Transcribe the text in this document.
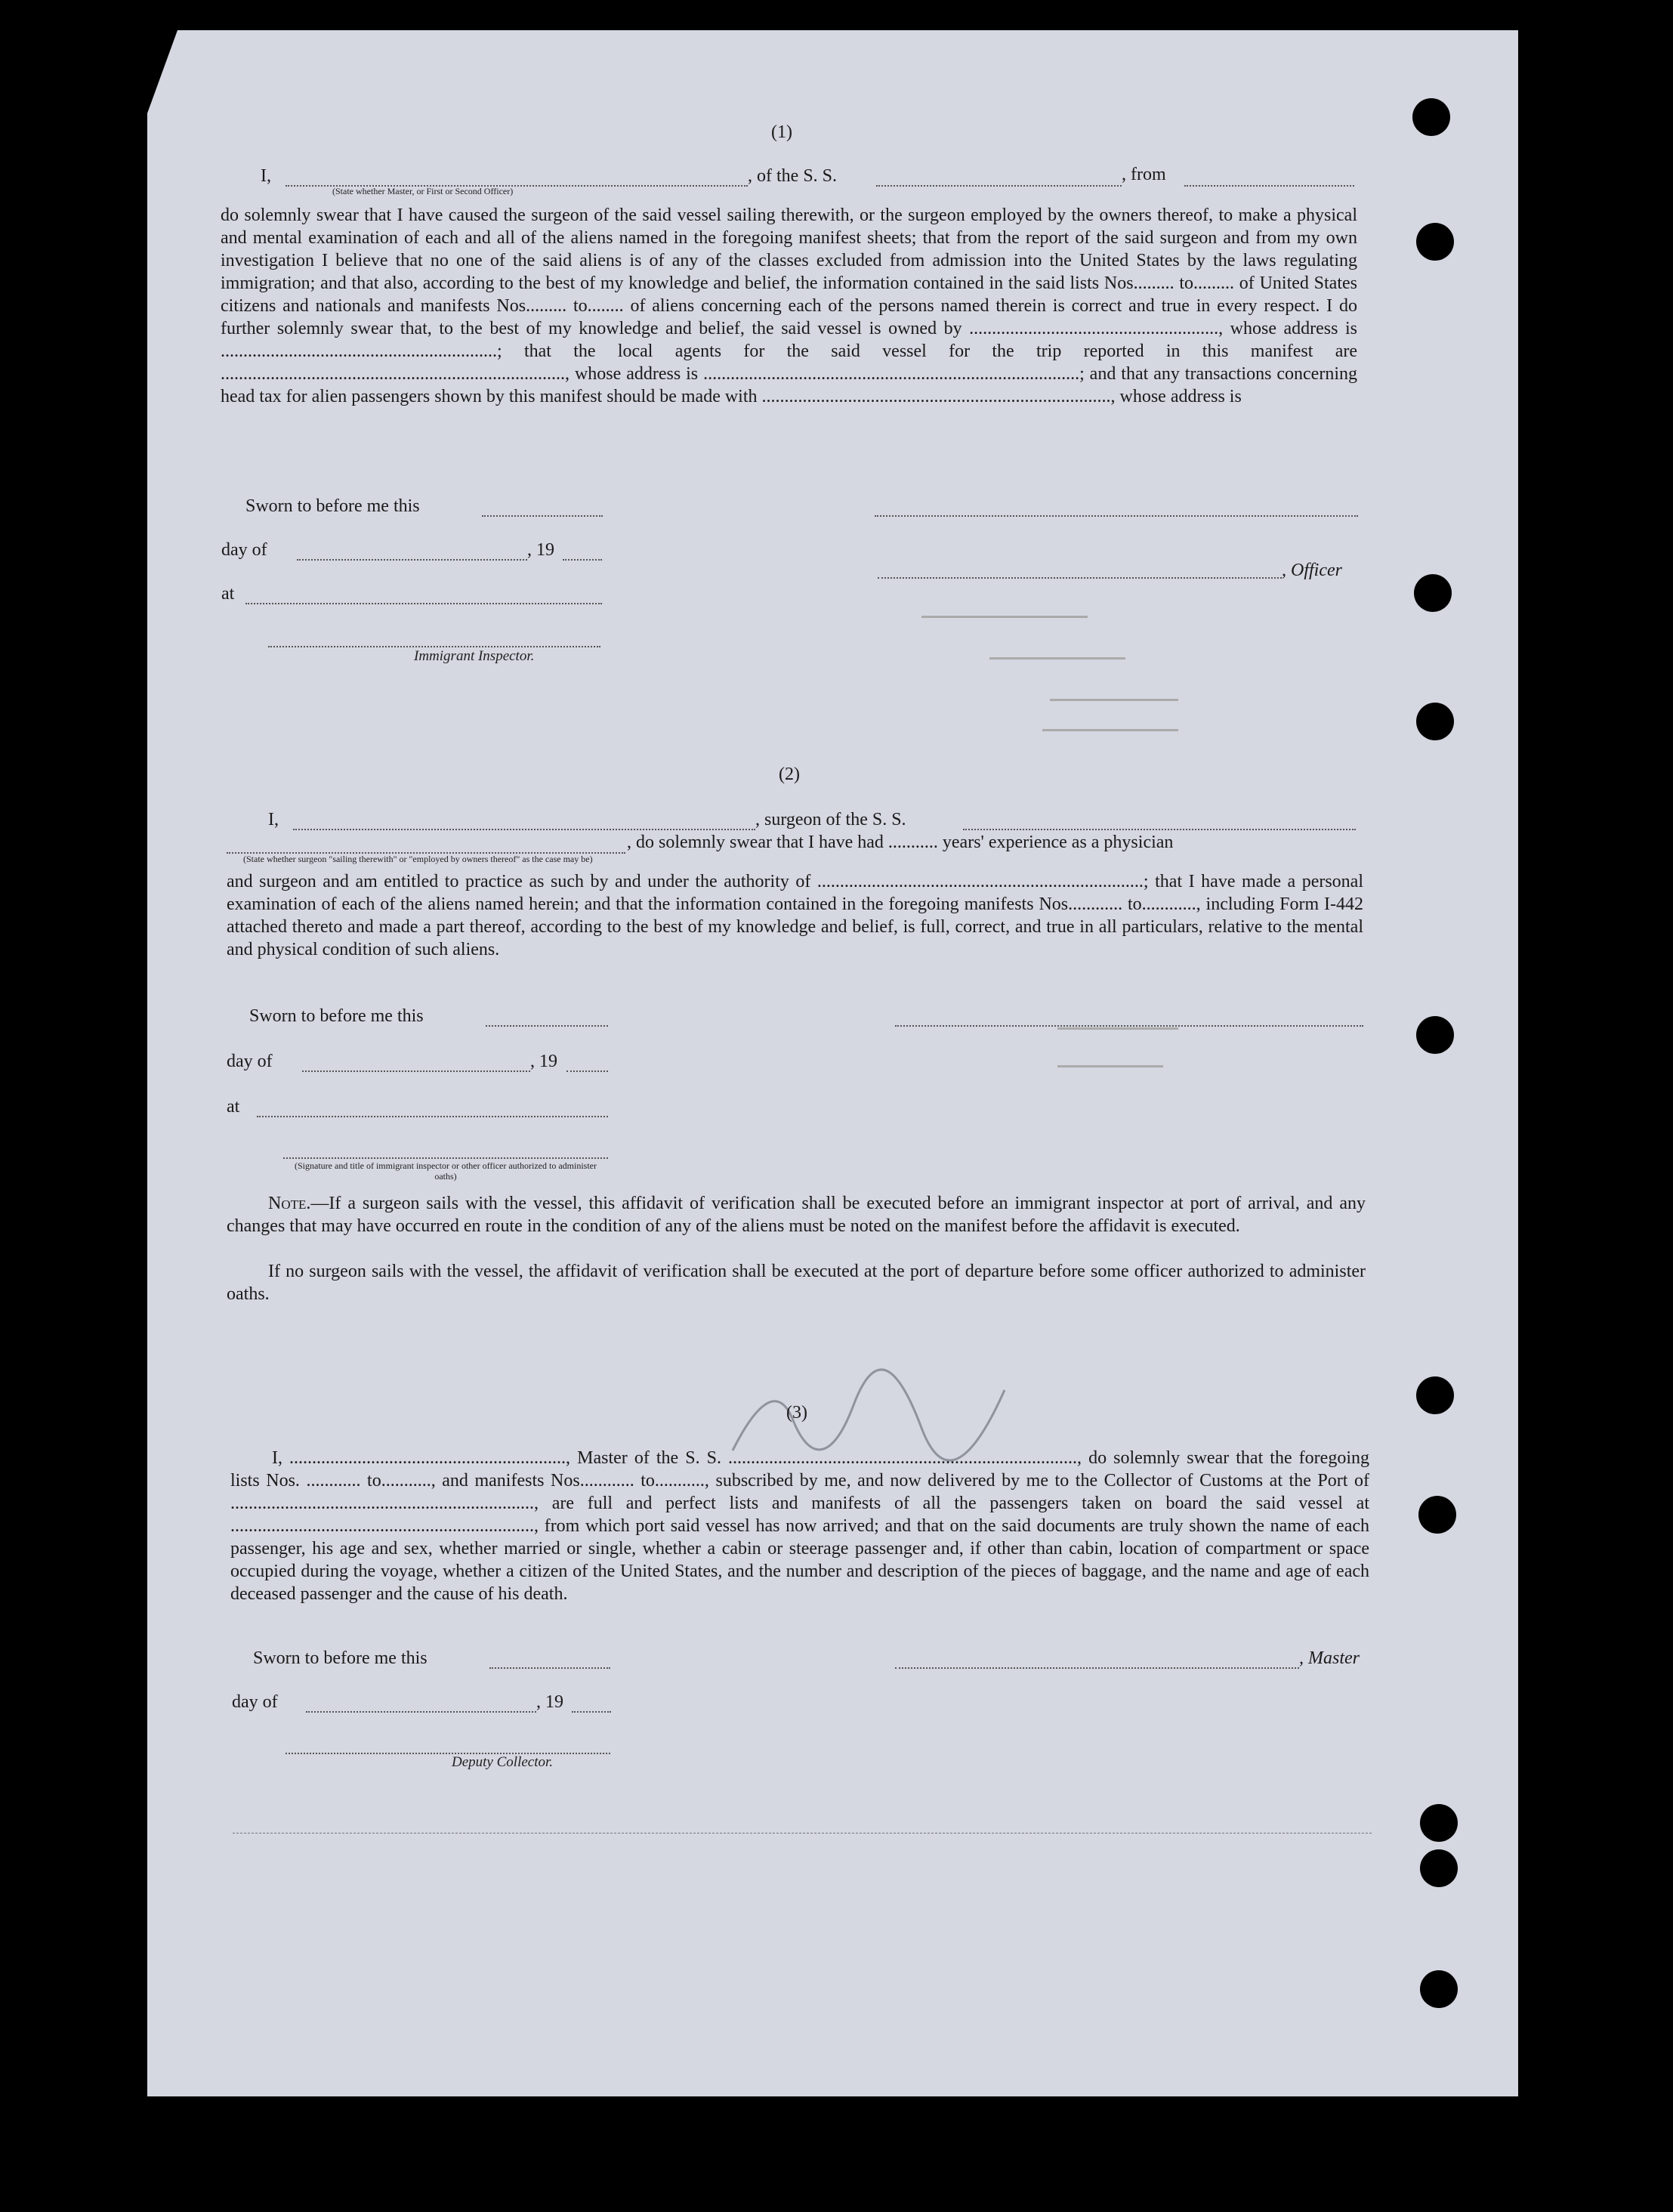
(1)
I,	, of the S. S.	, from
(State whether Master, or First or Second Officer)
do solemnly swear that I have caused the surgeon of the said vessel sailing therewith, or the surgeon employed by the owners thereof, to make a physical and mental examination of each and all of the aliens named in the foregoing manifest sheets; that from the report of the said surgeon and from my own investigation I believe that no one of the said aliens is of any of the classes excluded from admission into the United States by the laws regulating immigration; and that also, according to the best of my knowledge and belief, the information contained in the said lists Nos......... to......... of United States citizens and nationals and manifests Nos......... to........ of aliens concerning each of the persons named therein is correct and true in every respect. I do further solemnly swear that, to the best of my knowledge and belief, the said vessel is owned by ......................................................., whose address is .............................................................; that the local agents for the said vessel for the trip reported in this manifest are ............................................................................, whose address is ...................................................................................; and that any transactions concerning head tax for alien passengers shown by this manifest should be made with ............................................................................., whose address is
Sworn to before me this
day of	, 19
at
, Officer
Immigrant Inspector.
(2)
I,	, surgeon of the S. S.
, do solemnly swear that I have had ........... years' experience as a physician
(State whether surgeon "sailing therewith" or "employed by owners thereof" as the case may be)
and surgeon and am entitled to practice as such by and under the authority of ........................................................................; that I have made a personal examination of each of the aliens named herein; and that the information contained in the foregoing manifests Nos............ to............, including Form I-442 attached thereto and made a part thereof, according to the best of my knowledge and belief, is full, correct, and true in all particulars, relative to the mental and physical condition of such aliens.
Sworn to before me this
day of	, 19
at
(Signature and title of immigrant inspector or other officer authorized to administer oaths)
Note.—If a surgeon sails with the vessel, this affidavit of verification shall be executed before an immigrant inspector at port of arrival, and any changes that may have occurred en route in the condition of any of the aliens must be noted on the manifest before the affidavit is executed.
If no surgeon sails with the vessel, the affidavit of verification shall be executed at the port of departure before some officer authorized to administer oaths.
(3)
I, ............................................................., Master of the S. S. ............................................................................., do solemnly swear that the foregoing lists Nos. ............ to..........., and manifests Nos............ to..........., subscribed by me, and now delivered by me to the Collector of Customs at the Port of ..................................................................., are full and perfect lists and manifests of all the passengers taken on board the said vessel at ..................................................................., from which port said vessel has now arrived; and that on the said documents are truly shown the name of each passenger, his age and sex, whether married or single, whether a cabin or steerage passenger and, if other than cabin, location of compartment or space occupied during the voyage, whether a citizen of the United States, and the number and description of the pieces of baggage, and the name and age of each deceased passenger and the cause of his death.
Sworn to before me this	, Master
day of	, 19
Deputy Collector.
